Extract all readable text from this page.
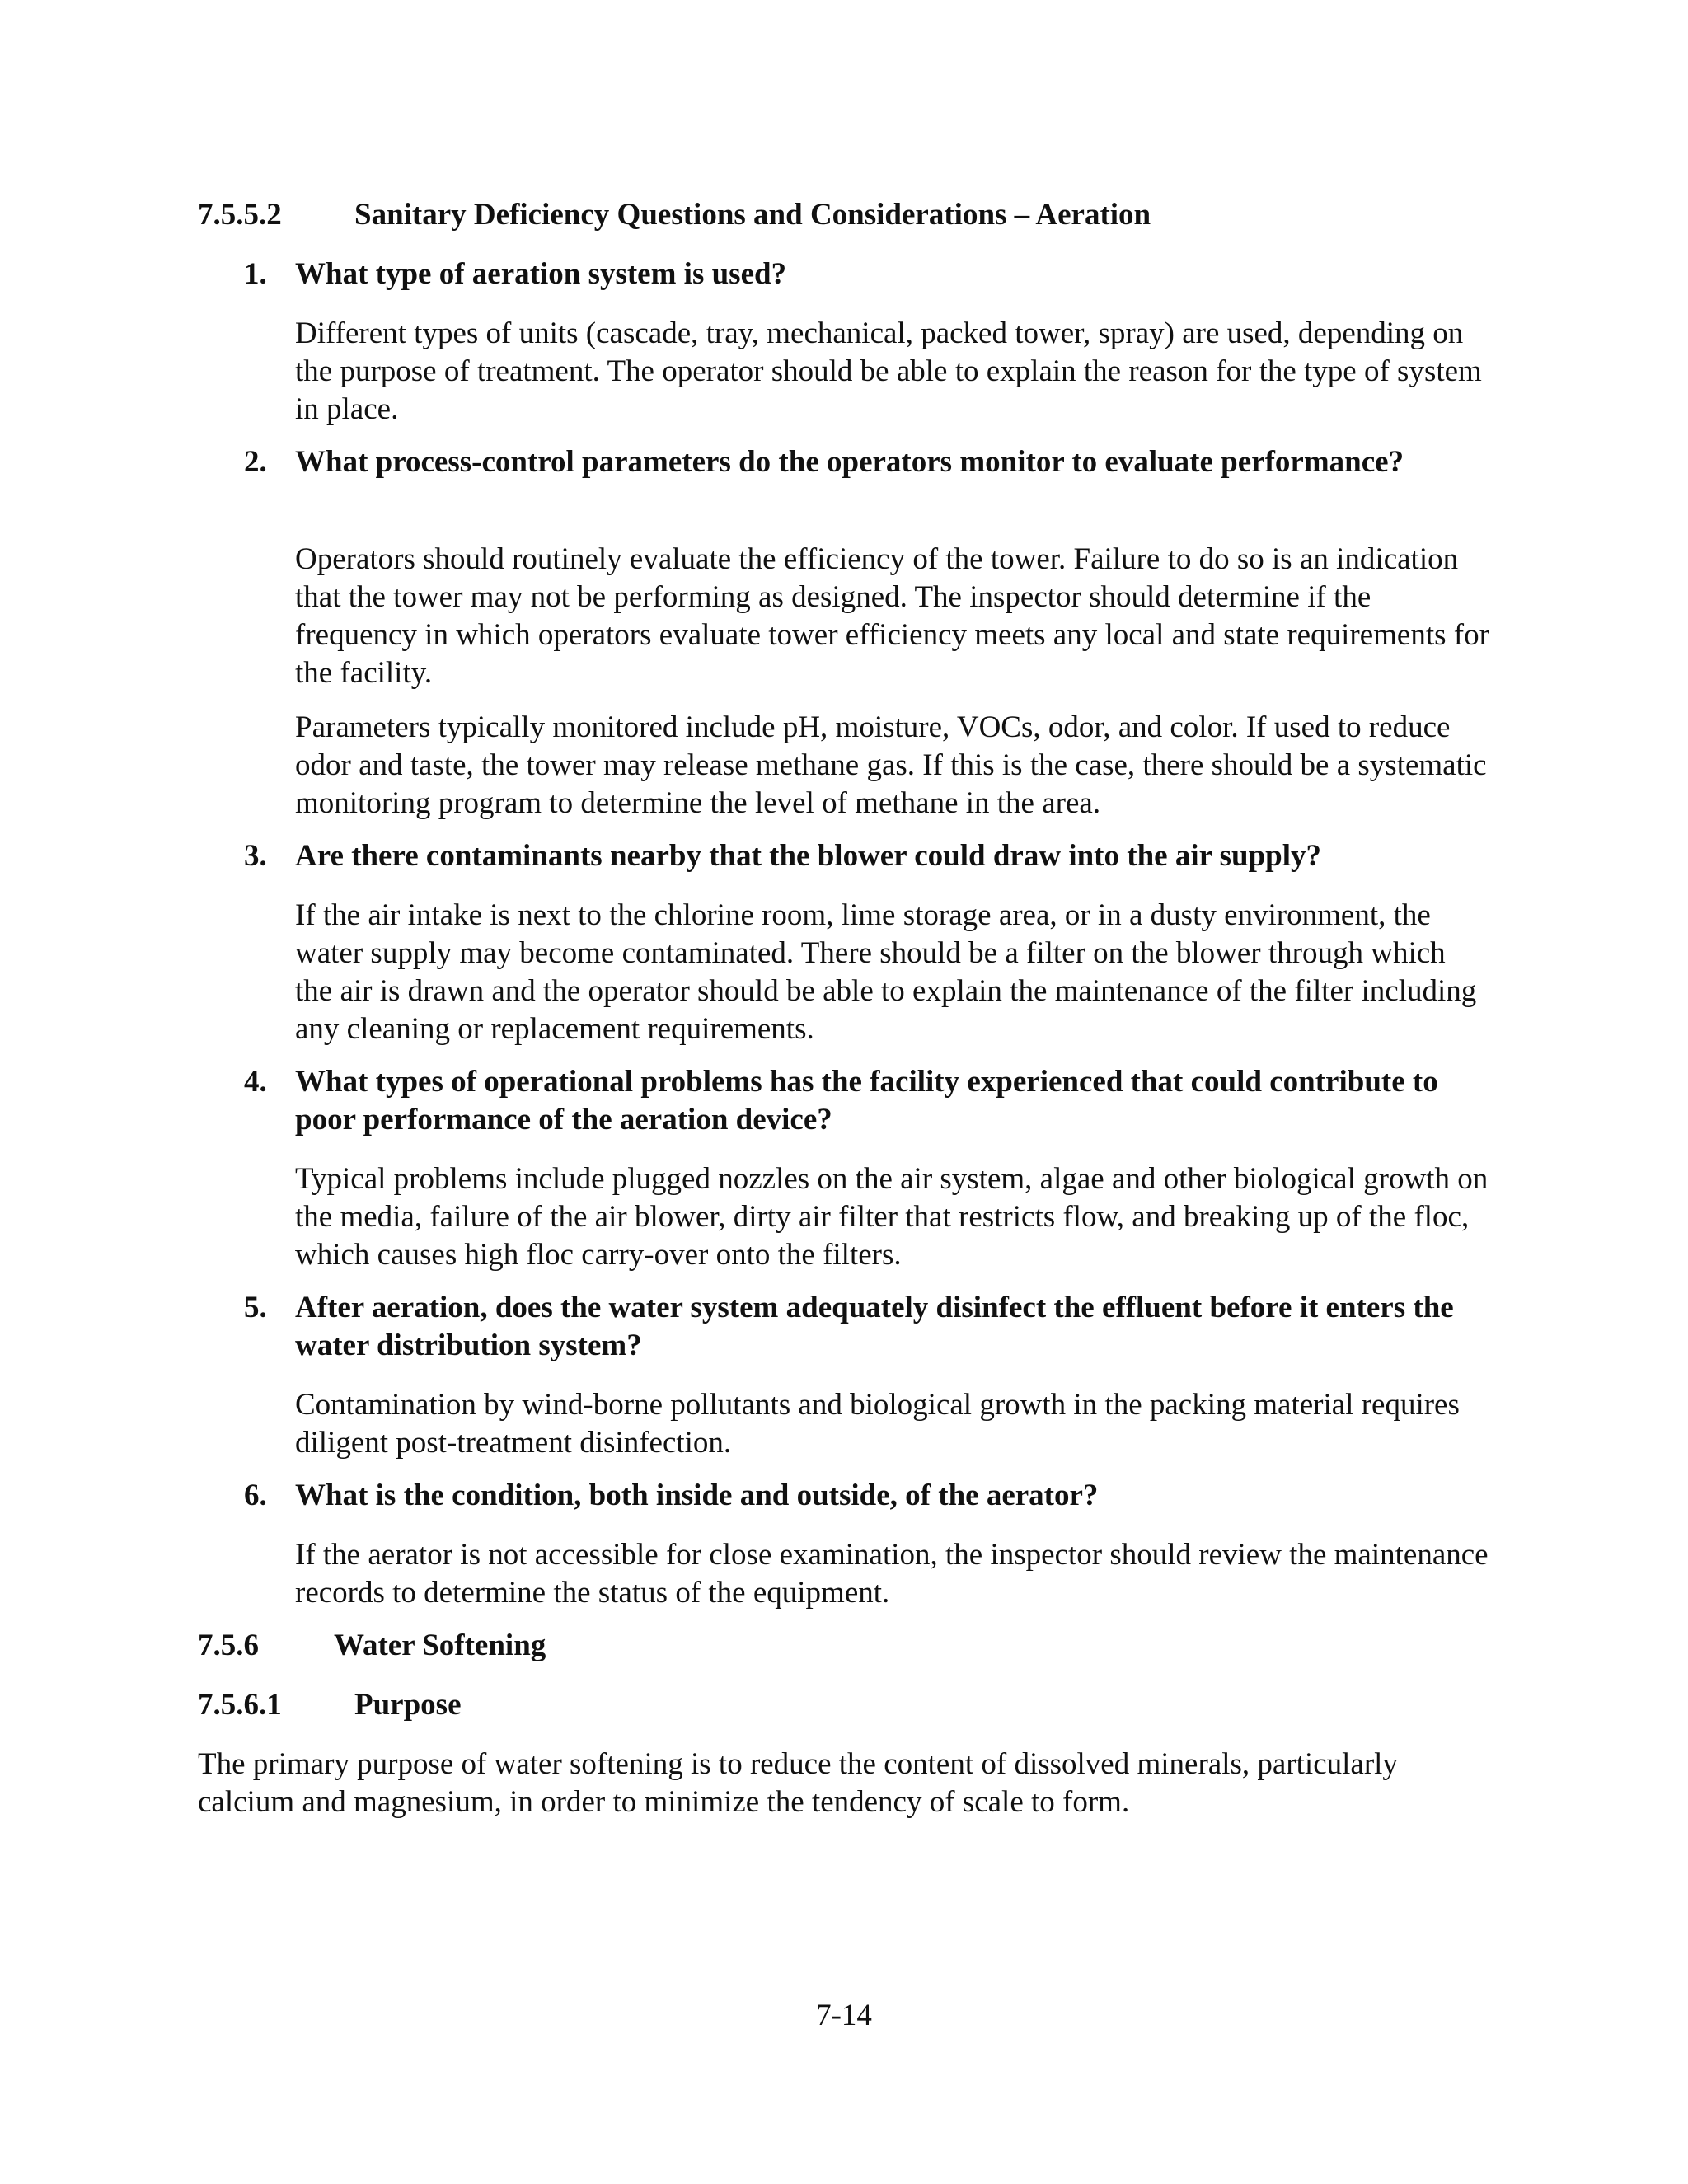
7.5.5.2 Sanitary Deficiency Questions and Considerations – Aeration
1. What type of aeration system is used?
Different types of units (cascade, tray, mechanical, packed tower, spray) are used, depending on the purpose of treatment. The operator should be able to explain the reason for the type of system in place.
2. What process-control parameters do the operators monitor to evaluate performance?
Operators should routinely evaluate the efficiency of the tower. Failure to do so is an indication that the tower may not be performing as designed. The inspector should determine if the frequency in which operators evaluate tower efficiency meets any local and state requirements for the facility.
Parameters typically monitored include pH, moisture, VOCs, odor, and color. If used to reduce odor and taste, the tower may release methane gas. If this is the case, there should be a systematic monitoring program to determine the level of methane in the area.
3. Are there contaminants nearby that the blower could draw into the air supply?
If the air intake is next to the chlorine room, lime storage area, or in a dusty environment, the water supply may become contaminated. There should be a filter on the blower through which the air is drawn and the operator should be able to explain the maintenance of the filter including any cleaning or replacement requirements.
4. What types of operational problems has the facility experienced that could contribute to poor performance of the aeration device?
Typical problems include plugged nozzles on the air system, algae and other biological growth on the media, failure of the air blower, dirty air filter that restricts flow, and breaking up of the floc, which causes high floc carry-over onto the filters.
5. After aeration, does the water system adequately disinfect the effluent before it enters the water distribution system?
Contamination by wind-borne pollutants and biological growth in the packing material requires diligent post-treatment disinfection.
6. What is the condition, both inside and outside, of the aerator?
If the aerator is not accessible for close examination, the inspector should review the maintenance records to determine the status of the equipment.
7.5.6 Water Softening
7.5.6.1 Purpose
The primary purpose of water softening is to reduce the content of dissolved minerals, particularly calcium and magnesium, in order to minimize the tendency of scale to form.
7-14
